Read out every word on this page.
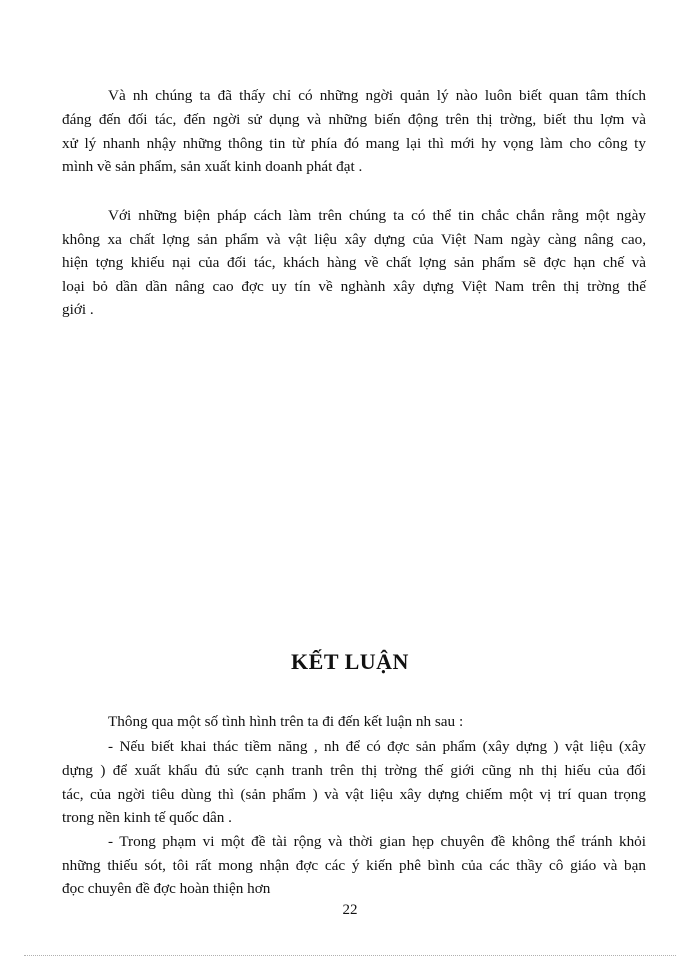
Và nh chúng ta đã thấy chỉ có những ngời quản lý nào luôn biết quan tâm thích
đáng đến đối tác, đến ngời sử dụng và những biến động trên thị trờng, biết thu lợm và
xử lý nhanh nhậy những thông tin từ phía đó mang lại thì mới hy vọng làm cho công ty
mình về sản phẩm, sản xuất kinh doanh phát đạt .
Với những biện pháp cách làm trên chúng ta có thể tin chắc chắn rằng một ngày
không xa chất lợng sản phẩm và vật liệu xây dựng của Việt Nam ngày càng nâng cao,
hiện tợng khiếu nại của đối tác, khách hàng về chất lợng sản phẩm sẽ đợc hạn chế và
loại bỏ dần dần nâng cao đợc uy tín về nghành xây dựng Việt Nam trên thị trờng thế
giới .
KẾT LUẬN
Thông qua một số tình hình trên ta đi đến kết luận nh sau :
- Nếu biết khai thác tiềm năng , nh để có đợc sản phẩm (xây dựng ) vật liệu (xây
dựng ) để xuất khẩu đủ sức cạnh tranh trên thị trờng thế giới cũng nh thị hiếu của đối
tác, của ngời tiêu dùng thì (sản phẩm ) và vật liệu xây dựng chiếm một vị trí quan trọng
trong nền kinh tế quốc dân .
- Trong phạm vi một đề tài rộng và thời gian hẹp chuyên đề không thể tránh khỏi
những thiếu sót, tôi rất mong nhận đợc các ý kiến phê bình của các thầy cô giáo và bạn
đọc chuyên đề đợc hoàn thiện hơn
22
